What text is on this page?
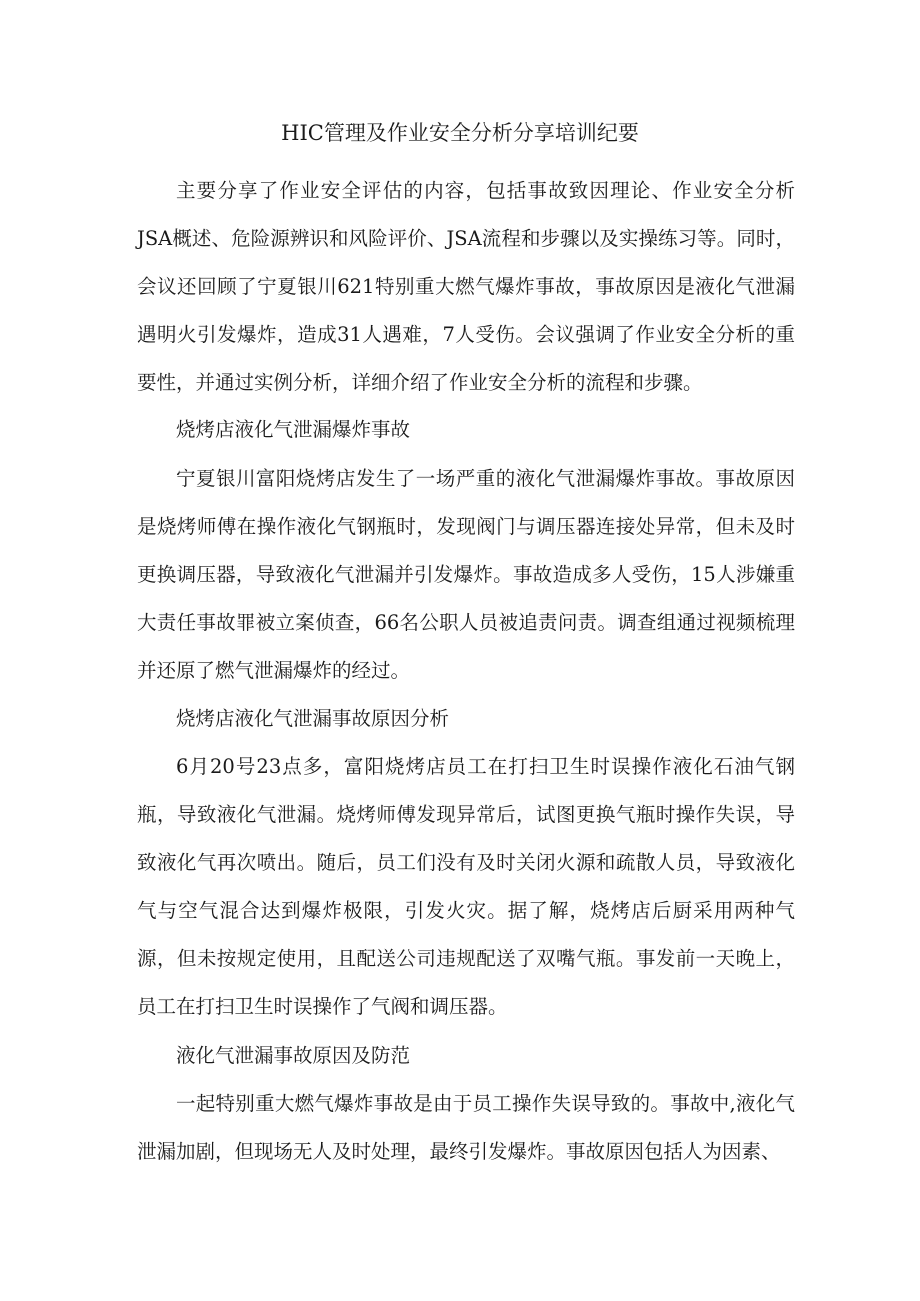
HIC管理及作业安全分析分享培训纪要

主要分享了作业安全评估的内容，包括事故致因理论、作业安全分析JSA概述、危险源辨识和风险评价、JSA流程和步骤以及实操练习等。同时，会议还回顾了宁夏银川621特别重大燃气爆炸事故，事故原因是液化气泄漏遇明火引发爆炸，造成31人遇难，7人受伤。会议强调了作业安全分析的重要性，并通过实例分析，详细介绍了作业安全分析的流程和步骤。

烧烤店液化气泄漏爆炸事故

宁夏银川富阳烧烤店发生了一场严重的液化气泄漏爆炸事故。事故原因是烧烤师傅在操作液化气钢瓶时，发现阀门与调压器连接处异常，但未及时更换调压器，导致液化气泄漏并引发爆炸。事故造成多人受伤，15人涉嫌重大责任事故罪被立案侦查，66名公职人员被追责问责。调查组通过视频梳理并还原了燃气泄漏爆炸的经过。

烧烤店液化气泄漏事故原因分析

6月20号23点多，富阳烧烤店员工在打扫卫生时误操作液化石油气钢瓶，导致液化气泄漏。烧烤师傅发现异常后，试图更换气瓶时操作失误，导致液化气再次喷出。随后，员工们没有及时关闭火源和疏散人员，导致液化气与空气混合达到爆炸极限，引发火灾。据了解，烧烤店后厨采用两种气源，但未按规定使用，且配送公司违规配送了双嘴气瓶。事发前一天晚上，员工在打扫卫生时误操作了气阀和调压器。

液化气泄漏事故原因及防范

一起特别重大燃气爆炸事故是由于员工操作失误导致的。事故中,液化气泄漏加剧，但现场无人及时处理，最终引发爆炸。事故原因包括人为因素、
